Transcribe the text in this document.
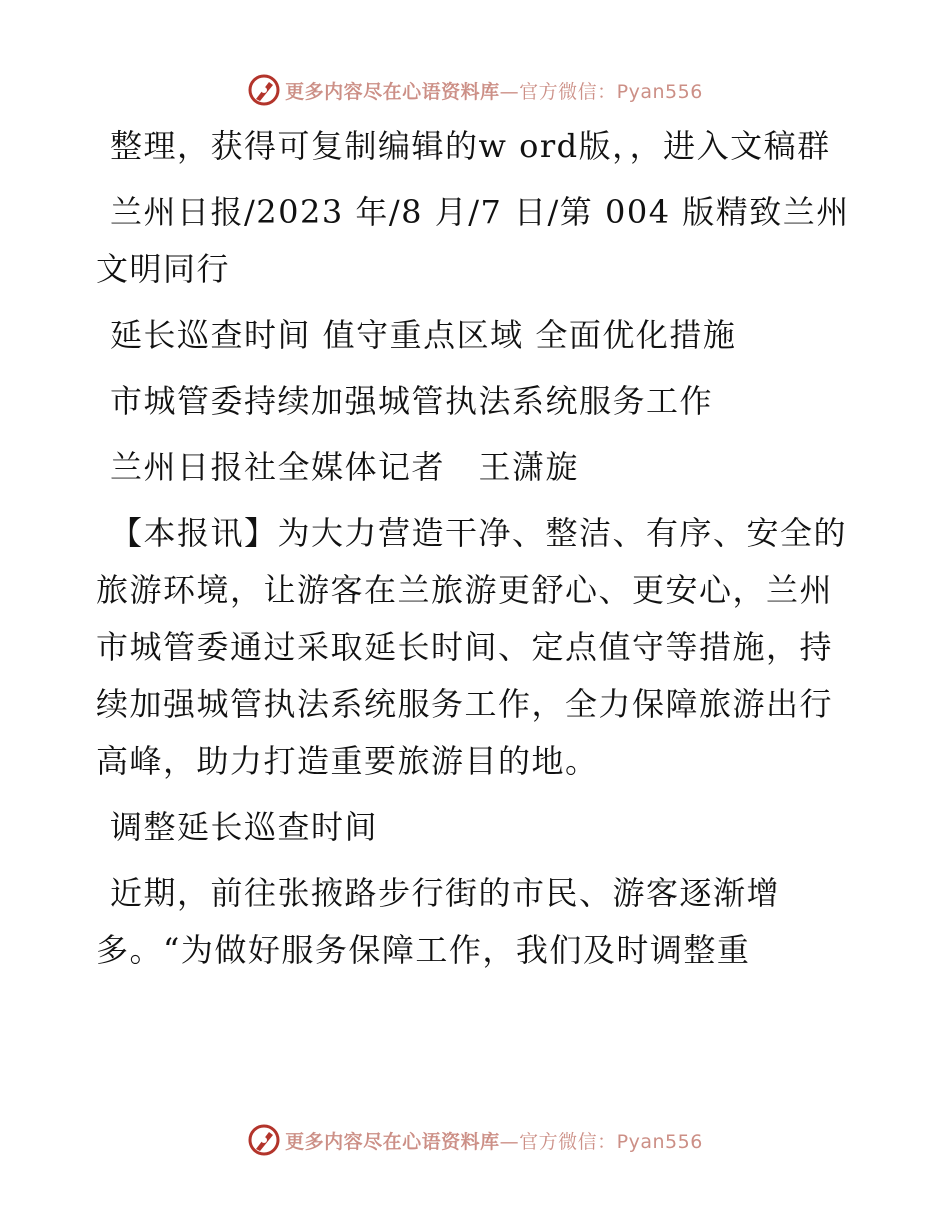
更多内容尽在心语资料库—官方微信：Pyan556

整理，获得可复制编辑的w ord版，，进入文稿群

兰州日报/2023 年/8 月/7 日/第 004 版精致兰州 文明同行

延长巡查时间 值守重点区域 全面优化措施

市城管委持续加强城管执法系统服务工作

兰州日报社全媒体记者　王潇旋

【本报讯】为大力营造干净、整洁、有序、安全的旅游环境，让游客在兰旅游更舒心、更安心，兰州市城管委通过采取延长时间、定点值守等措施，持续加强城管执法系统服务工作，全力保障旅游出行高峰，助力打造重要旅游目的地。

调整延长巡查时间

近期，前往张掖路步行街的市民、游客逐渐增多。“为做好服务保障工作，我们及时调整重

更多内容尽在心语资料库—官方微信：Pyan556
